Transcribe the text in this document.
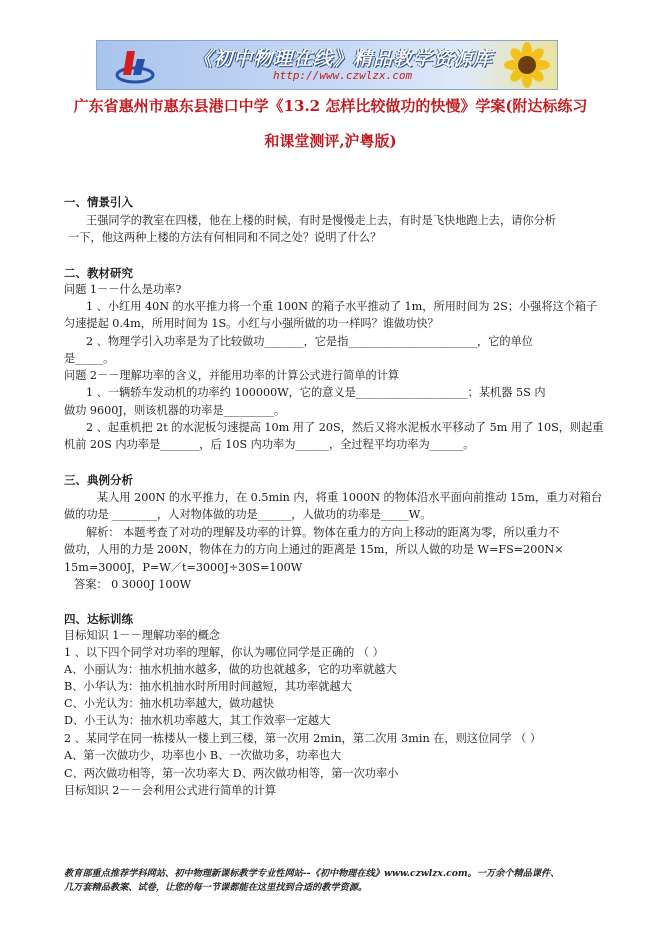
《初中物理在线》精品教学资源库
http://www.czwlzx.com
广东省惠州市惠东县港口中学《13.2 怎样比较做功的快慢》学案(附达标练习
和课堂测评,沪粤版)
一、情景引入
王强同学的教室在四楼，他在上楼的时候，有时是慢慢走上去，有时是飞快地跑上去，请你分析
一下，他这两种上楼的方法有何相同和不同之处？说明了什么？
二、教材研究
问题 1－－什么是功率?
1 、小红用 40N 的水平推力将一个重 100N 的箱子水平推动了 1m，所用时间为 2S；小强将这个箱子
匀速提起 0.4m，所用时间为 1S。小红与小强所做的功一样吗？谁做功快？
2 、物理学引入功率是为了比较做功_______，它是指_______________________，它的单位
是_____。
问题 2－－理解功率的含义，并能用功率的计算公式进行简单的计算
1 、一辆轿车发动机的功率约 100000W，它的意义是____________________；某机器 5S 内
做功 9600J，则该机器的功率是_________。
2 、起重机把 2t 的水泥板匀速提高 10m 用了 20S，然后又将水泥板水平移动了 5m 用了 10S，则起重
机前 20S 内功率是_______，后 10S 内功率为______，全过程平均功率为______。
三、典例分析
某人用 200N 的水平推力，在 0.5min 内，将重 1000N 的物体沿水平面向前推动 15m，重力对箱台
做的功是 ________，人对物体做的功是______，人做功的功率是_____W。
解析： 本题考查了对功的理解及功率的计算。物体在重力的方向上移动的距离为零，所以重力不
做功，人用的力是 200N，物体在力的方向上通过的距离是 15m，所以人做的功是 W=FS=200N×
15m=3000J，P=W／t=3000J÷30S=100W
答案： 0 3000J 100W
四、达标训练
目标知识 1－－理解功率的概念
1 、以下四个同学对功率的理解，你认为哪位同学是正确的 （ ）
A、小丽认为：抽水机抽水越多，做的功也就越多，它的功率就越大
B、小华认为：抽水机抽水时所用时间越短，其功率就越大
C、小光认为：抽水机功率越大，做功越快
D、小王认为：抽水机功率越大，其工作效率一定越大
2 、某同学在同一栋楼从一楼上到三楼，第一次用 2min，第二次用 3min 在，则这位同学 （ ）
A、第一次做功少，功率也小 B、一次做功多，功率也大
C、两次做功相等，第一次功率大 D、两次做功相等，第一次功率小
目标知识 2－－会利用公式进行简单的计算
教育部重点推荐学科网站、初中物理新课标教学专业性网站--《初中物理在线》www.czwlzx.com。一万余个精品课件、
几万套精品教案、试卷，让您的每一节课都能在这里找到合适的教学资源。
